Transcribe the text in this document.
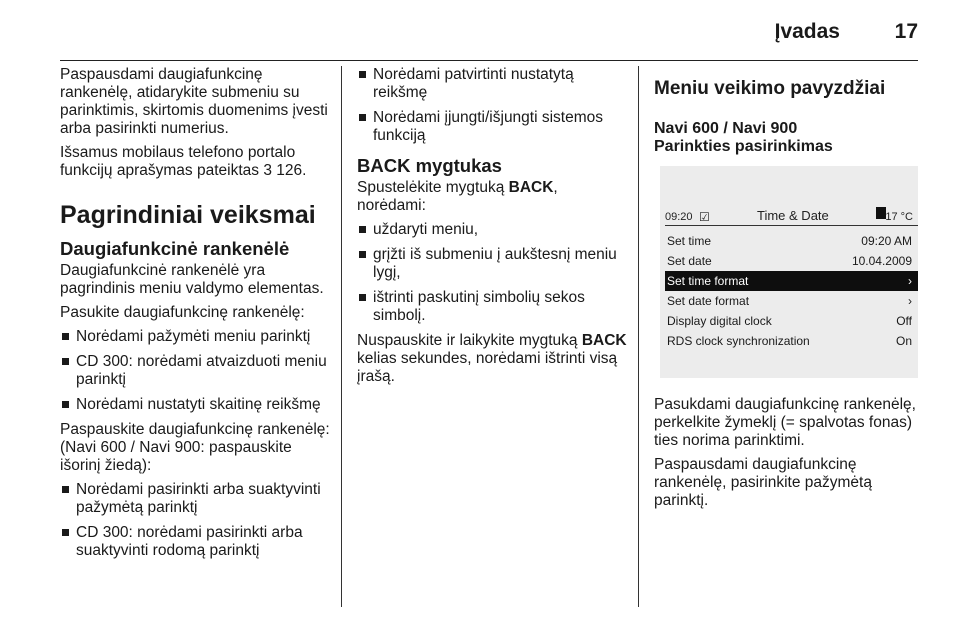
Įvadas	17

Paspausdami daugiafunkcinę rankenėlę, atidarykite submeniu su parinktimis, skirtomis duomenims įvesti arba pasirinkti numerius.

Išsamus mobilaus telefono portalo funkcijų aprašymas pateiktas 3 126.

Pagrindiniai veiksmai
Daugiafunkcinė rankenėlė

Daugiafunkcinė rankenėlė yra pagrindinis meniu valdymo elementas.

Pasukite daugiafunkcinę rankenėlę:

Norėdami pažymėti meniu parinktį
CD 300: norėdami atvaizduoti meniu parinktį
Norėdami nustatyti skaitinę reikšmę

Paspauskite daugiafunkcinę rankenėlę: (Navi 600 / Navi 900: paspauskite išorinį žiedą):

Norėdami pasirinkti arba suaktyvinti pažymėtą parinktį
CD 300: norėdami pasirinkti arba suaktyvinti rodomą parinktį
Norėdami patvirtinti nustatytą reikšmę
Norėdami įjungti/išjungti sistemos funkciją
BACK mygtukas

Spustelėkite mygtuką BACK, norėdami:

uždaryti meniu,
grįžti iš submeniu į aukštesnį meniu lygį,
ištrinti paskutinį simbolių sekos simbolį.

Nuspauskite ir laikykite mygtuką BACK kelias sekundes, norėdami ištrinti visą įrašą.

Meniu veikimo pavyzdžiai
Navi 600 / Navi 900
Parinkties pasirinkimas
09:20 ☑	Time & Date	17 °C
Set time	09:20 AM
Set date	10.04.2009
Set time format	›
Set date format	›
Display digital clock	Off
RDS clock synchronization	On

Pasukdami daugiafunkcinę rankenėlę, perkelkite žymeklį (= spalvotas fonas) ties norima parinktimi.

Paspausdami daugiafunkcinę rankenėlę, pasirinkite pažymėtą parinktį.
